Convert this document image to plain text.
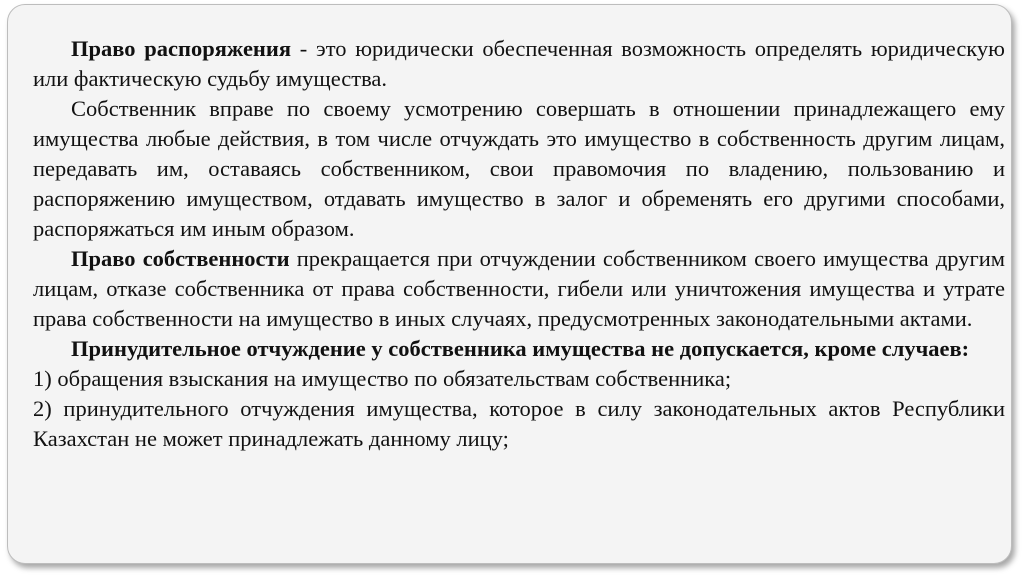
Право распоряжения - это юридически обеспеченная возможность определять юридическую или фактическую судьбу имущества.

Собственник вправе по своему усмотрению совершать в отношении принадлежащего ему имущества любые действия, в том числе отчуждать это имущество в собственность другим лицам, передавать им, оставаясь собственником, свои правомочия по владению, пользованию и распоряжению имуществом, отдавать имущество в залог и обременять его другими способами, распоряжаться им иным образом.

Право собственности прекращается при отчуждении собственником своего имущества другим лицам, отказе собственника от права собственности, гибели или уничтожения имущества и утрате права собственности на имущество в иных случаях, предусмотренных законодательными актами.

Принудительное отчуждение у собственника имущества не допускается, кроме случаев:

1) обращения взыскания на имущество по обязательствам собственника;

2) принудительного отчуждения имущества, которое в силу законодательных актов Республики Казахстан не может принадлежать данному лицу;
